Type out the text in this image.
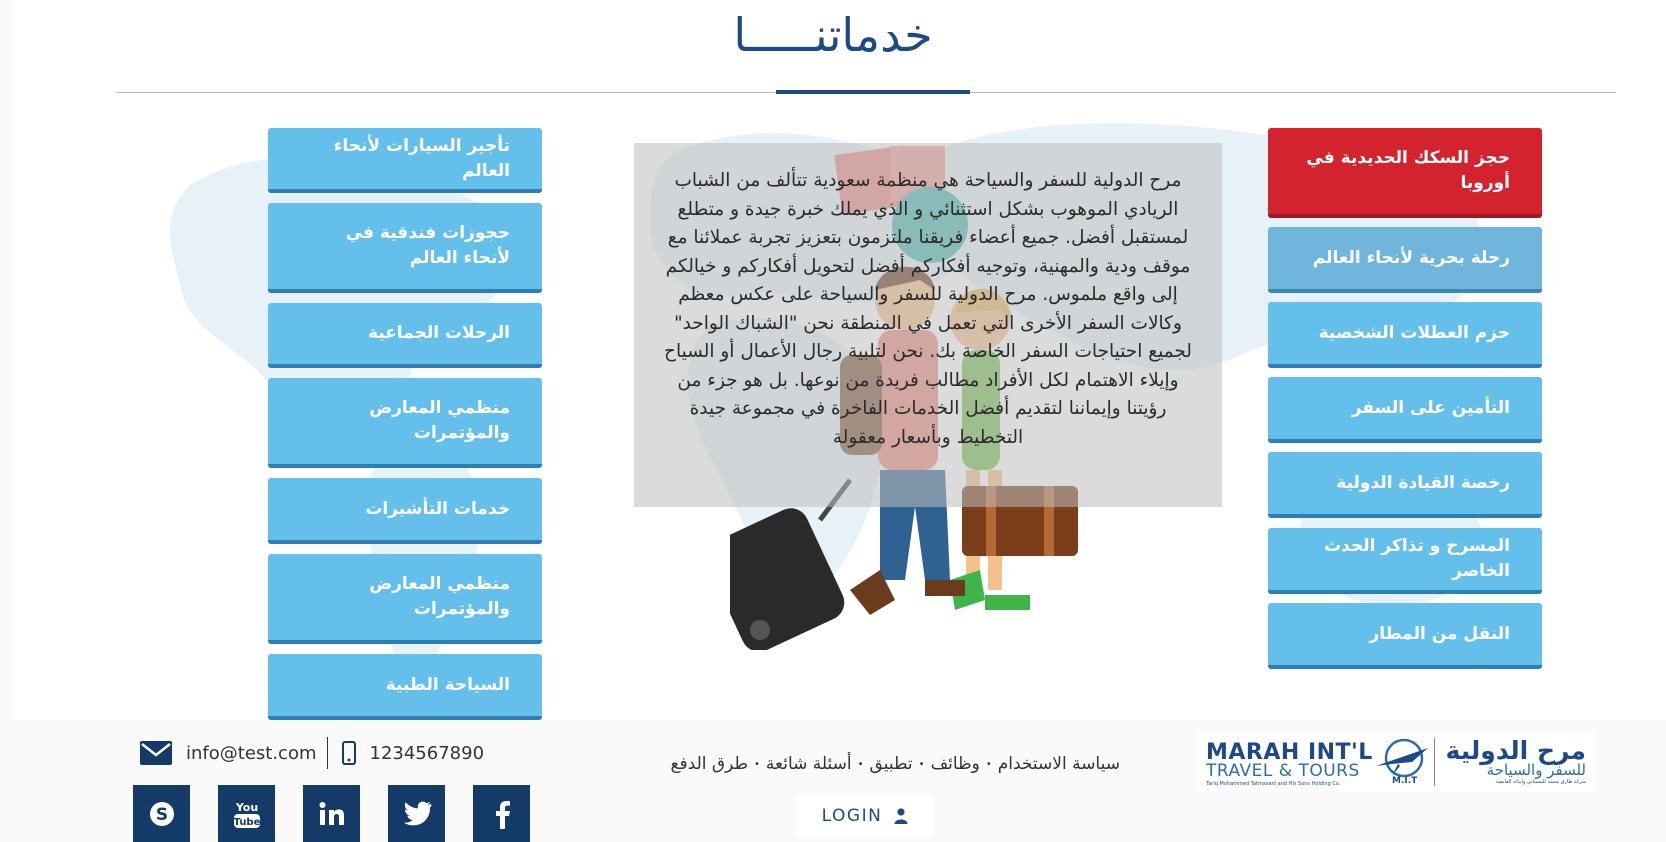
خدماتنـــــا
تأجير السيارات لأنحاء العالم
حجوزات فندقية في لأنحاء العالم
الرحلات الجماعية
منظمي المعارض والمؤتمرات
خدمات التأشيرات
منظمي المعارض والمؤتمرات
السياحة الطبية
حجز السكك الحديدية في أوروبا
رحلة بحرية لأنحاء العالم
حزم العطلات الشخصية
التأمين على السفر
رخصة القيادة الدولية
المسرح و تذاكر الحدث الخاصر
النقل من المطار
مرح الدولية للسفر والسياحة هي منظمة سعودية تتألف من الشباب الريادي الموهوب بشكل استثنائي و الذي يملك خبرة جيدة و متطلع لمستقبل أفضل. جميع أعضاء فريقنا ملتزمون بتعزيز تجربة عملائنا مع موقف ودية والمهنية، وتوجيه أفكاركم أفضل لتحويل أفكاركم و خيالكم إلى واقع ملموس. مرح الدولية للسفر والسياحة على عكس معظم وكالات السفر الأخرى التي تعمل في المنطقة نحن "الشباك الواحد" لجميع احتياجات السفر الخاصة بك. نحن لتلبية رجال الأعمال أو السياح وإيلاء الاهتمام لكل الأفراد مطالب فريدة من نوعها. بل هو جزء من رؤيتنا وإيماننا لتقديم أفضل الخدمات الفاخرة في مجموعة جيدة التخطيط وبأسعار معقولة
info@test.com	1234567890
S	You
Tube
سياسة الاستخدام•وظائف•تطبيق•أسئلة شائعة•طرق الدفع
LOGIN
MARAH INT'L
TRAVEL & TOURS
Tariq Mohammed Tatmasani and His Sons Holding Co.	M.I.T
مرح الدولية
للسفر والسياحة
شركة طارق محمد للمستاني وأبنائه القابضة
